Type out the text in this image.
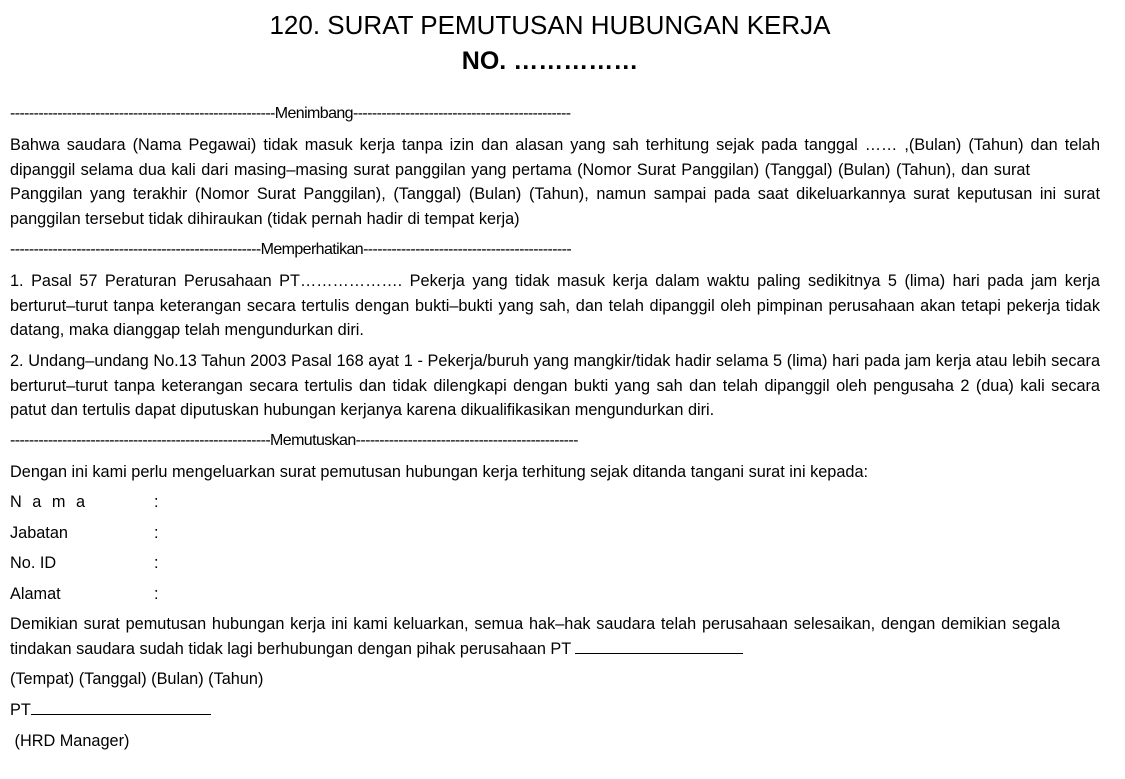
120. SURAT PEMUTUSAN HUBUNGAN KERJA
NO. ……………
--------------------------------------------------------Menimbang----------------------------------------------
Bahwa saudara (Nama Pegawai) tidak masuk kerja tanpa izin dan alasan yang sah terhitung sejak pada tanggal …… ,(Bulan) (Tahun) dan telah dipanggil selama dua kali dari masing–masing surat panggilan yang pertama (Nomor Surat Panggilan) (Tanggal) (Bulan) (Tahun), dan suratPanggilan yang terakhir (Nomor Surat Panggilan), (Tanggal) (Bulan) (Tahun), namun sampai pada saat dikeluarkannya surat keputusan ini surat panggilan tersebut tidak dihiraukan (tidak pernah hadir di tempat kerja)
-----------------------------------------------------Memperhatikan--------------------------------------------
1. Pasal 57 Peraturan Perusahaan PT………………. Pekerja yang tidak masuk kerja dalam waktu paling sedikitnya 5 (lima) hari pada jam kerja berturut–turut tanpa keterangan secara tertulis dengan bukti–bukti yang sah, dan telah dipanggil oleh pimpinan perusahaan akan tetapi pekerja tidak datang, maka dianggap telah mengundurkan diri.
2. Undang–undang No.13 Tahun 2003 Pasal 168 ayat 1 - Pekerja/buruh yang mangkir/tidak hadir selama 5 (lima) hari pada jam kerja atau lebih secara berturut–turut tanpa keterangan secara tertulis dan tidak dilengkapi dengan bukti yang sah dan telah dipanggil oleh pengusaha 2 (dua) kali secara patut dan tertulis dapat diputuskan hubungan kerjanya karena dikualifikasikan mengundurkan diri.
-------------------------------------------------------Memutuskan-----------------------------------------------
Dengan ini kami perlu mengeluarkan surat pemutusan hubungan kerja terhitung sejak ditanda tangani surat ini kepada:
N a m a	:
Jabatan	:
No. ID	:
Alamat	:
Demikian surat pemutusan hubungan kerja ini kami keluarkan, semua hak–hak saudara telah perusahaan selesaikan, dengan demikian segala tindakan saudara sudah tidak lagi berhubungan dengan pihak perusahaan PT
(Tempat) (Tanggal) (Bulan) (Tahun)
PT
(HRD Manager)
